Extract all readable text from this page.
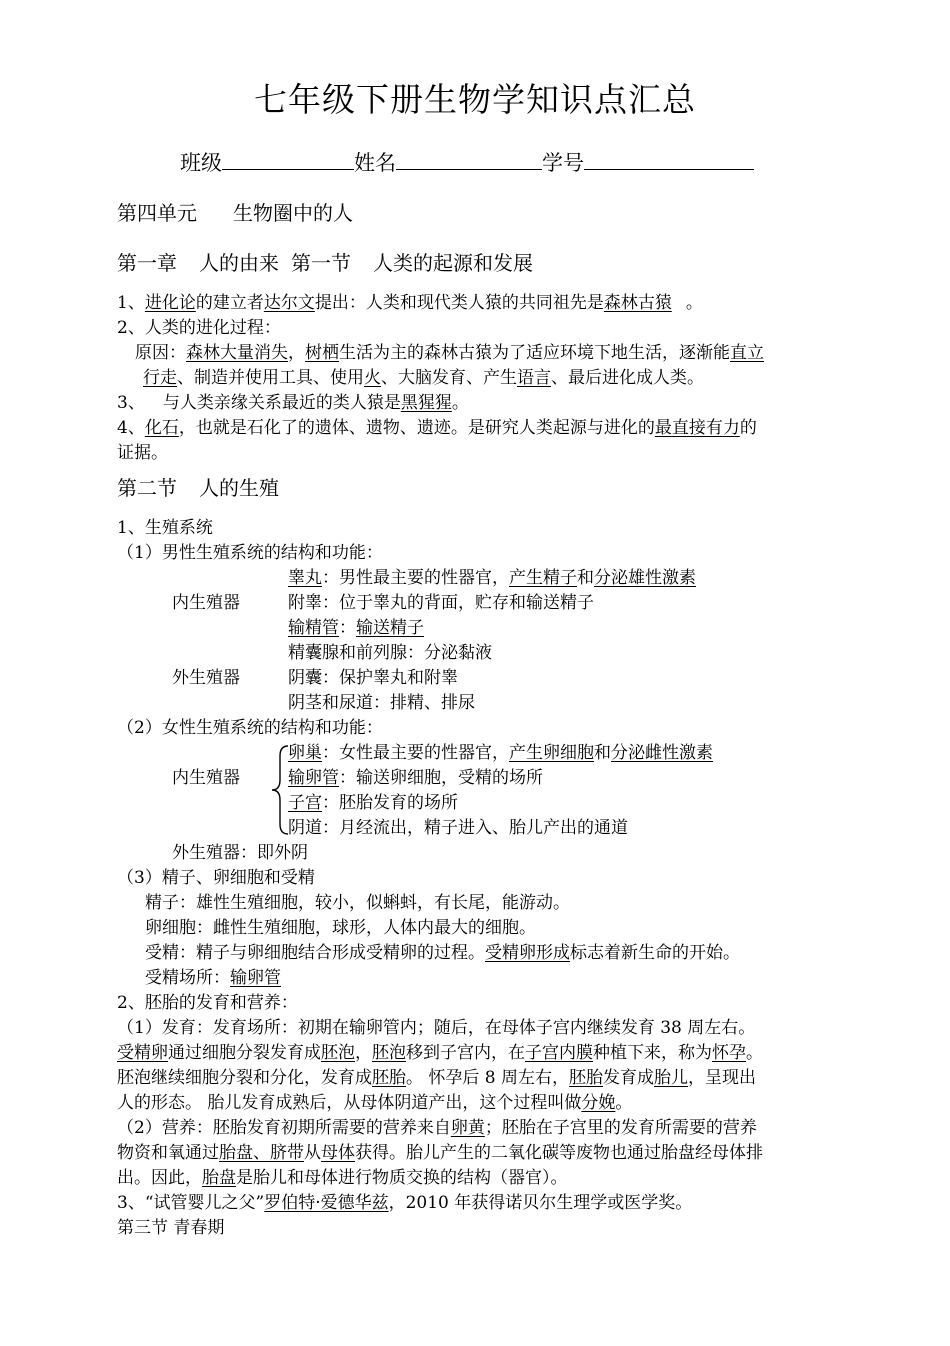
七年级下册生物学知识点汇总
班级	姓名	学号
第四单元 生物圈中的人
第一章 人的由来 第一节 人类的起源和发展
1、进化论的建立者达尔文提出：人类和现代类人猿的共同祖先是森林古猿 。
2、人类的进化过程：
原因：森林大量消失，树栖生活为主的森林古猿为了适应环境下地生活，逐渐能直立
行走、制造并使用工具、使用火、大脑发育、产生语言、最后进化成人类。
3、 与人类亲缘关系最近的类人猿是黑猩猩。
4、化石，也就是石化了的遗体、遗物、遗迹。是研究人类起源与进化的最直接有力的
证据。
第二节 人的生殖
1、生殖系统
（1）男性生殖系统的结构和功能：
睾丸：男性最主要的性器官，产生精子和分泌雄性激素
内生殖器	附睾：位于睾丸的背面，贮存和输送精子
输精管：输送精子
精囊腺和前列腺：分泌黏液
外生殖器	阴囊：保护睾丸和附睾
阴茎和尿道：排精、排尿
（2）女性生殖系统的结构和功能：
卵巢：女性最主要的性器官，产生卵细胞和分泌雌性激素
内生殖器	输卵管：输送卵细胞，受精的场所
子宫：胚胎发育的场所
阴道：月经流出，精子进入、胎儿产出的通道
外生殖器：即外阴
（3）精子、卵细胞和受精
精子：雄性生殖细胞，较小，似蝌蚪，有长尾，能游动。
卵细胞：雌性生殖细胞，球形，人体内最大的细胞。
受精：精子与卵细胞结合形成受精卵的过程。受精卵形成标志着新生命的开始。
受精场所：输卵管
2、胚胎的发育和营养：
（1）发育：发育场所：初期在输卵管内；随后，在母体子宫内继续发育 38 周左右。
受精卵通过细胞分裂发育成胚泡，胚泡移到子宫内，在子宫内膜种植下来，称为怀孕。
胚泡继续细胞分裂和分化，发育成胚胎。 怀孕后 8 周左右，胚胎发育成胎儿，呈现出
人的形态。 胎儿发育成熟后，从母体阴道产出，这个过程叫做分娩。
（2）营养：胚胎发育初期所需要的营养来自卵黄；胚胎在子宫里的发育所需要的营养
物资和氧通过胎盘、脐带从母体获得。胎儿产生的二氧化碳等废物也通过胎盘经母体排
出。因此，胎盘是胎儿和母体进行物质交换的结构（器官）。
3、“试管婴儿之父”罗伯特·爱德华兹，2010 年获得诺贝尔生理学或医学奖。
第三节 青春期
